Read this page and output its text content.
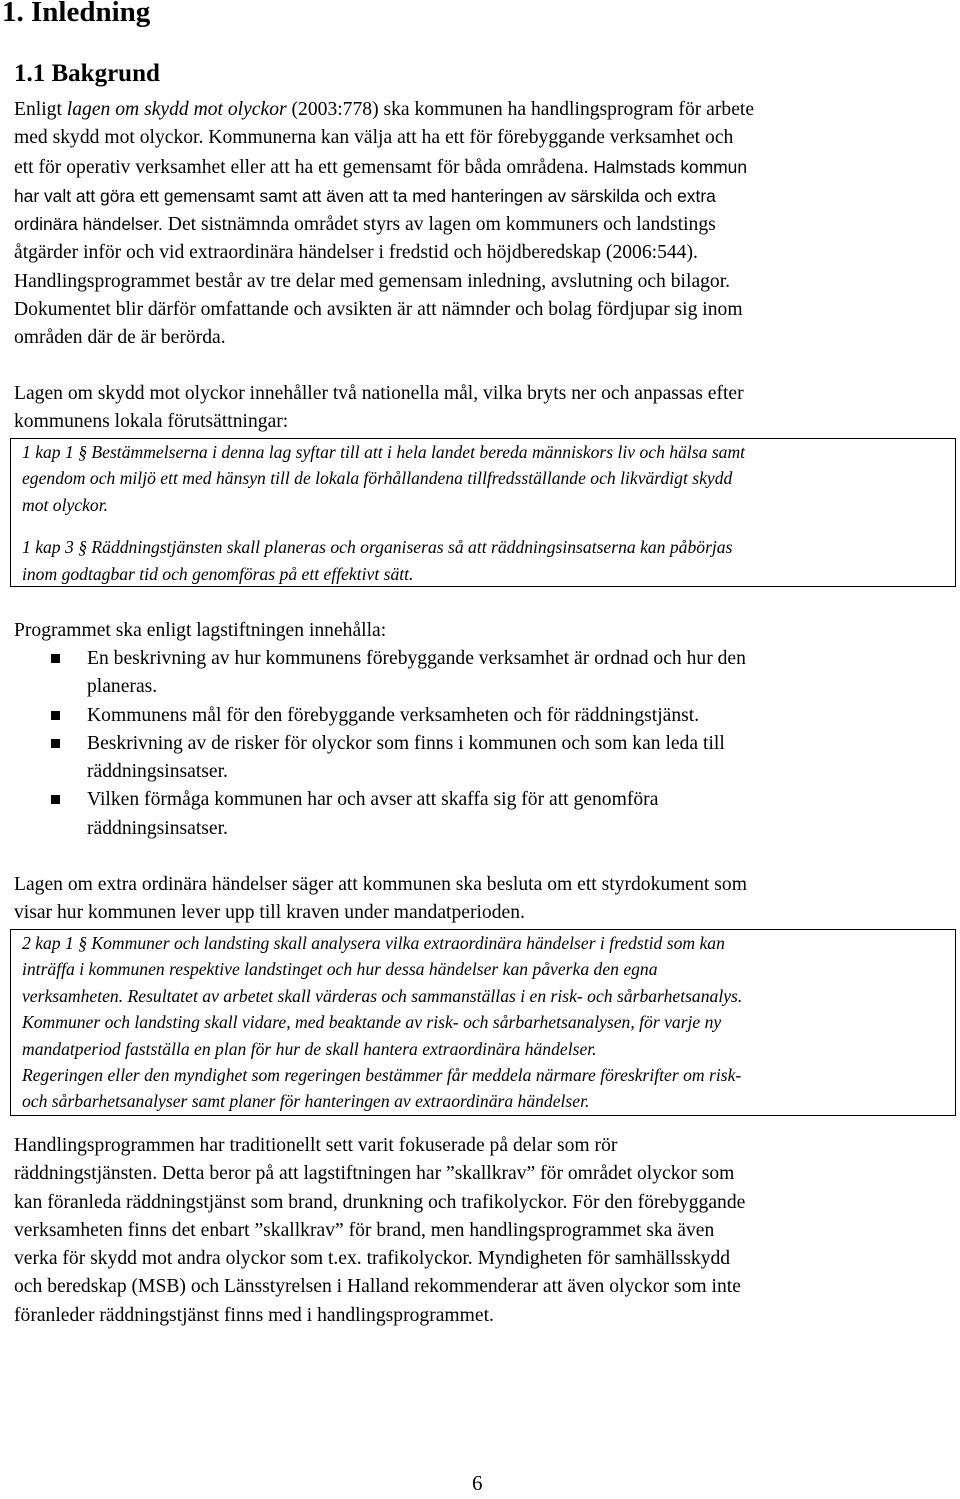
1. Inledning
1.1 Bakgrund
Enligt lagen om skydd mot olyckor (2003:778) ska kommunen ha handlingsprogram för arbete
med skydd mot olyckor. Kommunerna kan välja att ha ett för förebyggande verksamhet och
ett för operativ verksamhet eller att ha ett gemensamt för båda områdena. Halmstads kommun
har valt att göra ett gemensamt samt att även att ta med hanteringen av särskilda och extra
ordinära händelser. Det sistnämnda området styrs av lagen om kommuners och landstings
åtgärder inför och vid extraordinära händelser i fredstid och höjdberedskap (2006:544).
Handlingsprogrammet består av tre delar med gemensam inledning, avslutning och bilagor.
Dokumentet blir därför omfattande och avsikten är att nämnder och bolag fördjupar sig inom
områden där de är berörda.
Lagen om skydd mot olyckor innehåller två nationella mål, vilka bryts ner och anpassas efter
kommunens lokala förutsättningar:

1 kap 1 § Bestämmelserna i denna lag syftar till att i hela landet bereda människors liv och hälsa samt
egendom och miljö ett med hänsyn till de lokala förhållandena tillfredsställande och likvärdigt skydd
mot olyckor.

1 kap 3 § Räddningstjänsten skall planeras och organiseras så att räddningsinsatserna kan påbörjas
inom godtagbar tid och genomföras på ett effektivt sätt.

Programmet ska enligt lagstiftningen innehålla:
En beskrivning av hur kommunens förebyggande verksamhet är ordnad och hur den
planeras.
Kommunens mål för den förebyggande verksamheten och för räddningstjänst.
Beskrivning av de risker för olyckor som finns i kommunen och som kan leda till
räddningsinsatser.
Vilken förmåga kommunen har och avser att skaffa sig för att genomföra
räddningsinsatser.
Lagen om extra ordinära händelser säger att kommunen ska besluta om ett styrdokument som
visar hur kommunen lever upp till kraven under mandatperioden.

2 kap 1 § Kommuner och landsting skall analysera vilka extraordinära händelser i fredstid som kan
inträffa i kommunen respektive landstinget och hur dessa händelser kan påverka den egna
verksamheten. Resultatet av arbetet skall värderas och sammanställas i en risk- och sårbarhetsanalys.
Kommuner och landsting skall vidare, med beaktande av risk- och sårbarhetsanalysen, för varje ny
mandatperiod fastställa en plan för hur de skall hantera extraordinära händelser.
Regeringen eller den myndighet som regeringen bestämmer får meddela närmare föreskrifter om risk-
och sårbarhetsanalyser samt planer för hanteringen av extraordinära händelser.

Handlingsprogrammen har traditionellt sett varit fokuserade på delar som rör
räddningstjänsten. Detta beror på att lagstiftningen har ”skallkrav” för området olyckor som
kan föranleda räddningstjänst som brand, drunkning och trafikolyckor. För den förebyggande
verksamheten finns det enbart ”skallkrav” för brand, men handlingsprogrammet ska även
verka för skydd mot andra olyckor som t.ex. trafikolyckor. Myndigheten för samhällsskydd
och beredskap (MSB) och Länsstyrelsen i Halland rekommenderar att även olyckor som inte
föranleder räddningstjänst finns med i handlingsprogrammet.
6
